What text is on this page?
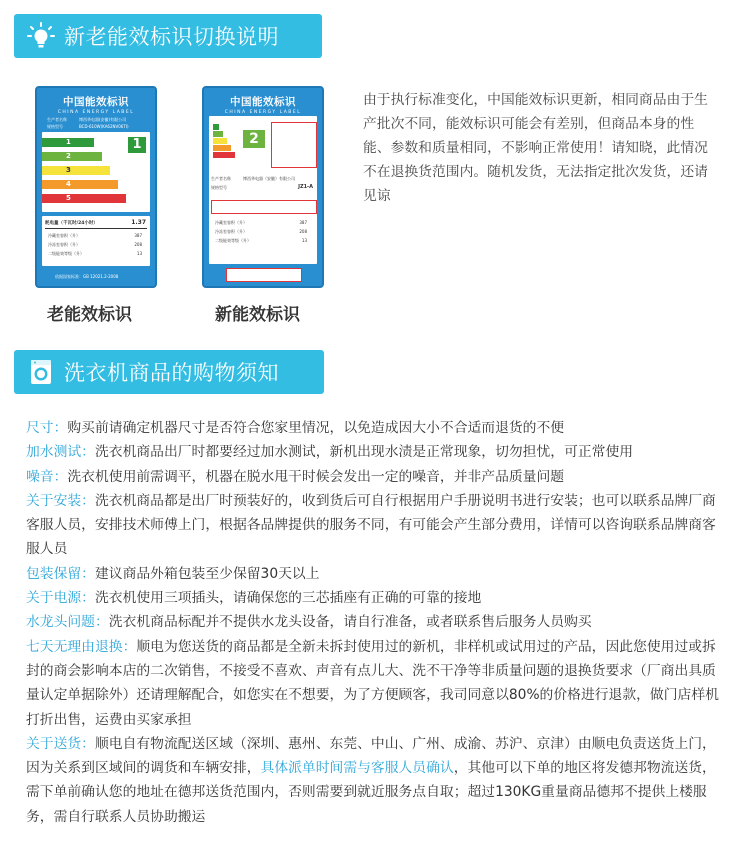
新老能效标识切换说明
中国能效标识
CHINA ENERGY LABEL
生产者名称	博西华电器(安徽)有限公司
规格型号	BCD-610W(KA62NV06TI)
1
2
3
4
5
1
耗电量（千瓦时/24小时）	1.37
冷藏室容积（升）	387
冷冻室容积（升）	208
二级能效等级（升）	13
依据国家标准：GB 12021.2-2008
中国能效标识
CHINA ENERGY LABEL
2
生产者名称	博西华电器（安徽）有限公司
规格型号	JZ1-A
冷藏室容积（升）	387
冷冻室容积（升）	208
二级能效等级（升）	13
老能效标识	新能效标识
由于执行标准变化，中国能效标识更新，相同商品由于生产批次不同，能效标识可能会有差别，但商品本身的性能、参数和质量相同，不影响正常使用！请知晓，此情况不在退换货范围内。随机发货，无法指定批次发货，还请见谅
洗衣机商品的购物须知

尺寸：购买前请确定机器尺寸是否符合您家里情况，以免造成因大小不合适而退货的不便

加水测试：洗衣机商品出厂时都要经过加水测试，新机出现水渍是正常现象，切勿担忧，可正常使用

噪音：洗衣机使用前需调平，机器在脱水甩干时候会发出一定的噪音，并非产品质量问题

关于安装：洗衣机商品都是出厂时预装好的，收到货后可自行根据用户手册说明书进行安装；也可以联系品牌厂商客服人员，安排技术师傅上门，根据各品牌提供的服务不同，有可能会产生部分费用，详情可以咨询联系品牌商客服人员

包装保留：建议商品外箱包装至少保留30天以上

关于电源：洗衣机使用三项插头，请确保您的三芯插座有正确的可靠的接地

水龙头问题：洗衣机商品标配并不提供水龙头设备，请自行准备，或者联系售后服务人员购买

七天无理由退换：顺电为您送货的商品都是全新未拆封使用过的新机，非样机或试用过的产品，因此您使用过或拆封的商会影响本店的二次销售，不接受不喜欢、声音有点儿大、洗不干净等非质量问题的退换货要求（厂商出具质量认定单据除外）还请理解配合，如您实在不想要，为了方便顾客，我司同意以80%的价格进行退款，做门店样机打折出售，运费由买家承担

关于送货：顺电自有物流配送区域（深圳、惠州、东莞、中山、广州、成渝、苏沪、京津）由顺电负责送货上门，因为关系到区域间的调货和车辆安排，具体派单时间需与客服人员确认，其他可以下单的地区将发德邦物流送货，需下单前确认您的地址在德邦送货范围内，否则需要到就近服务点自取；超过130KG重量商品德邦不提供上楼服务，需自行联系人员协助搬运
